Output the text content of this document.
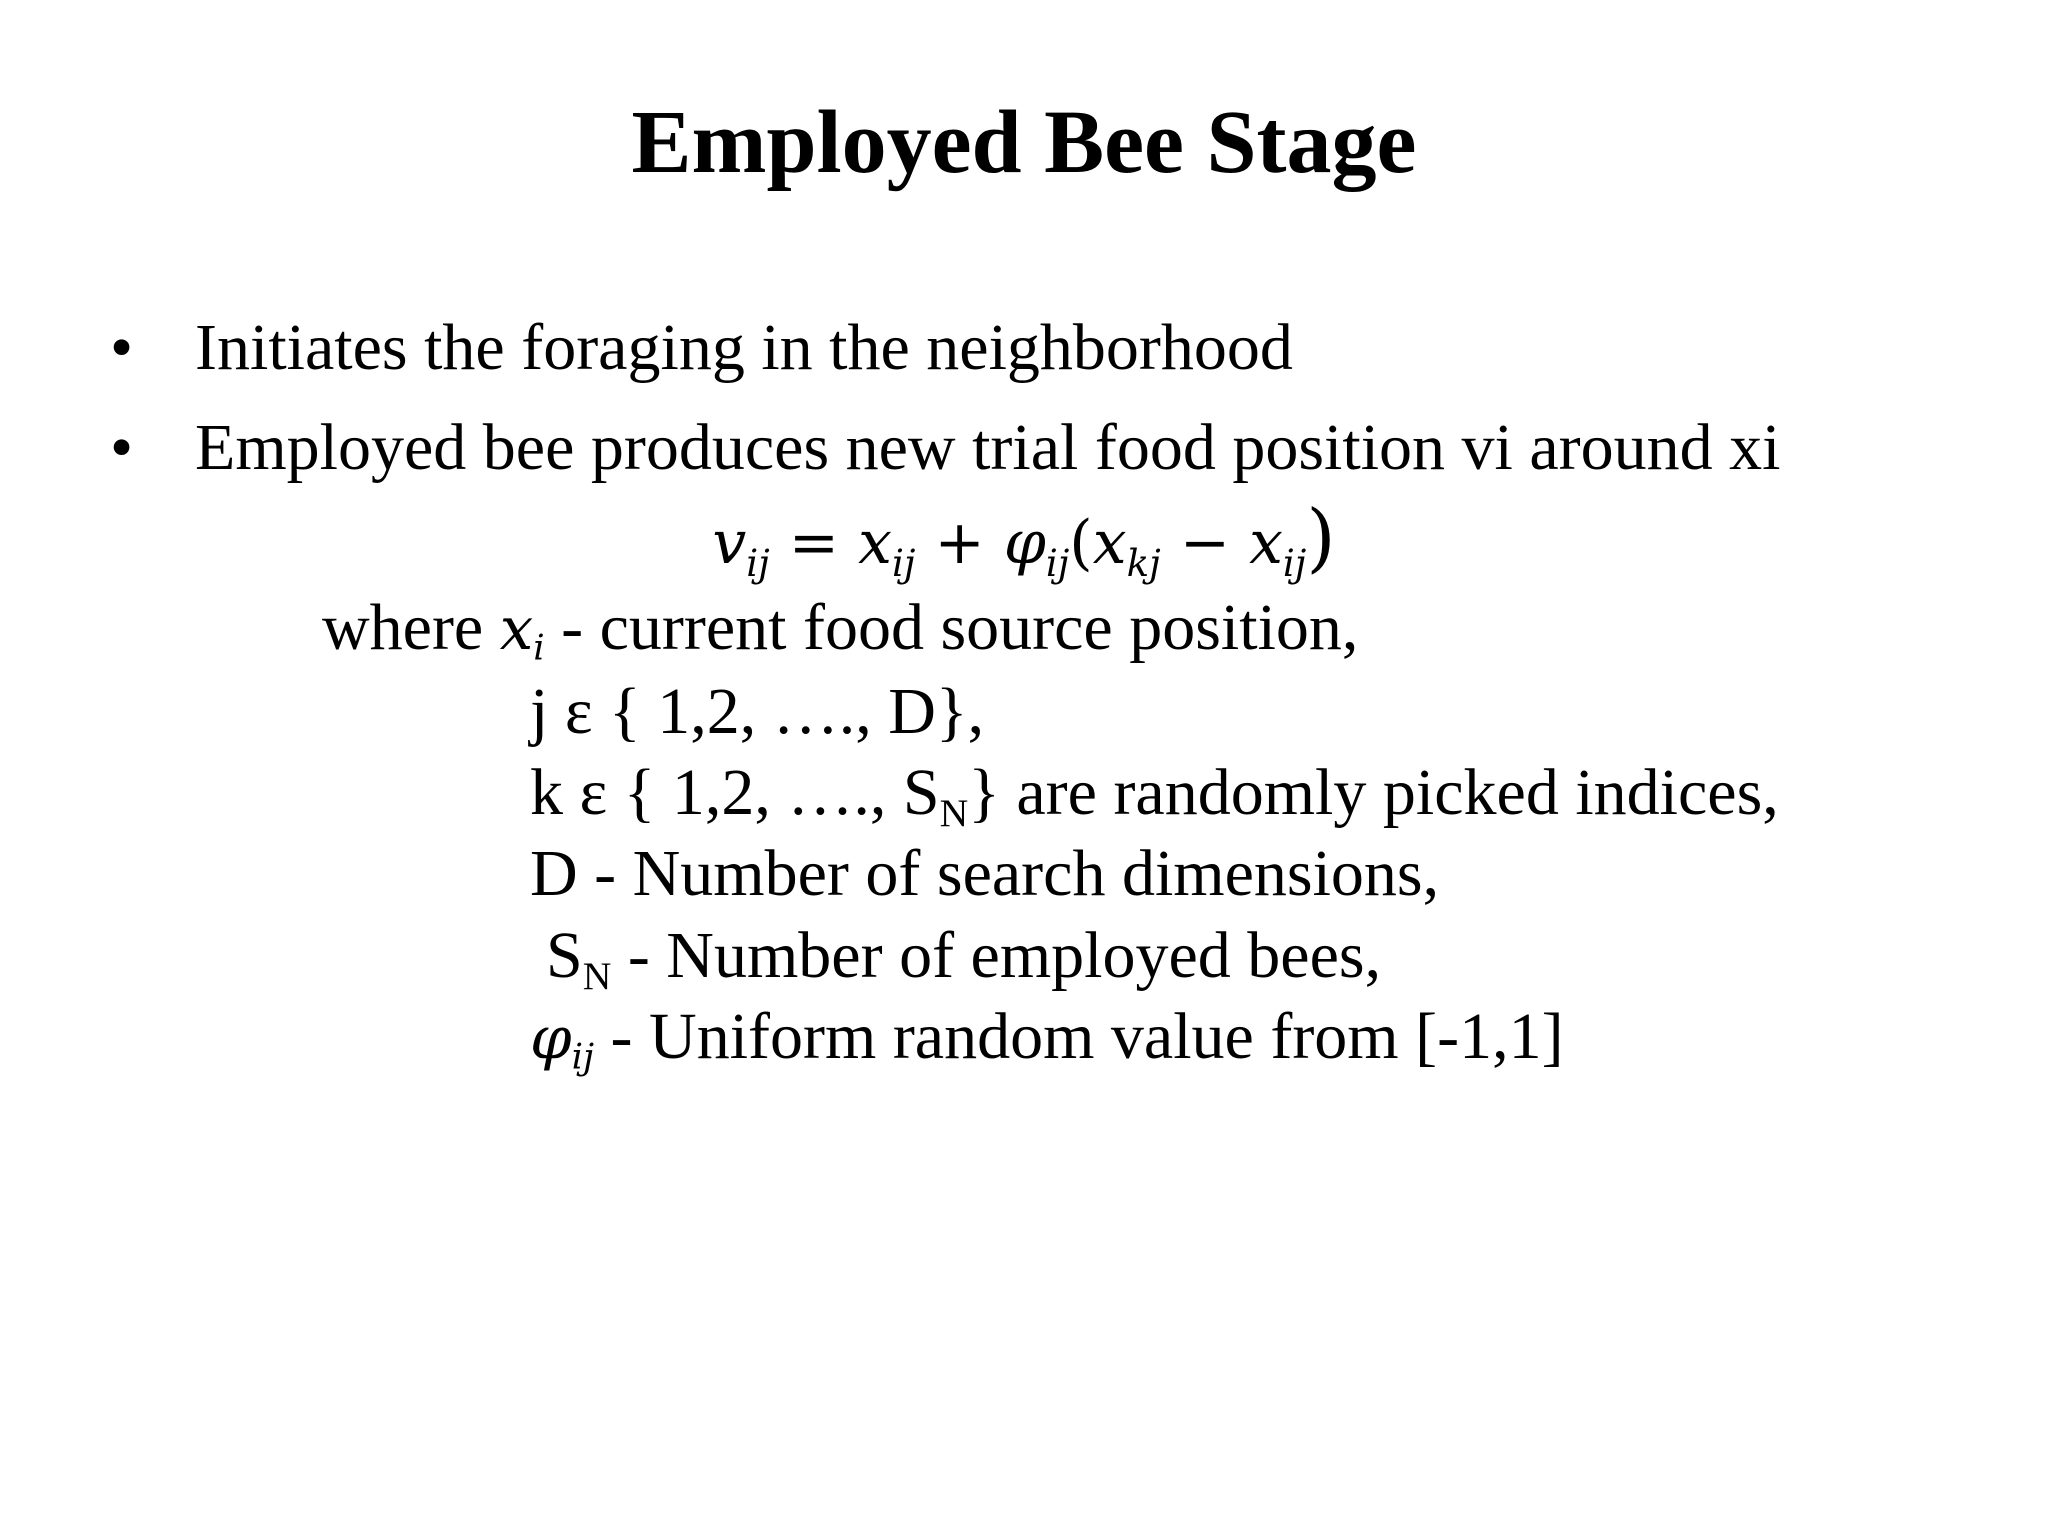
Employed Bee Stage
• Initiates the foraging in the neighborhood
• Employed bee produces new trial food position vi around xi
$v_{ij} = x_{ij} + \varphi_{ij}(x_{kj} - x_{ij})$
where $x_i$ - current food source position,
j ε { 1,2, …., D},
k ε { 1,2, …., $S_N$} are randomly picked indices,
D - Number of search dimensions,
$S_N$ - Number of employed bees,
$\varphi_{ij}$ - Uniform random value from [-1,1]
